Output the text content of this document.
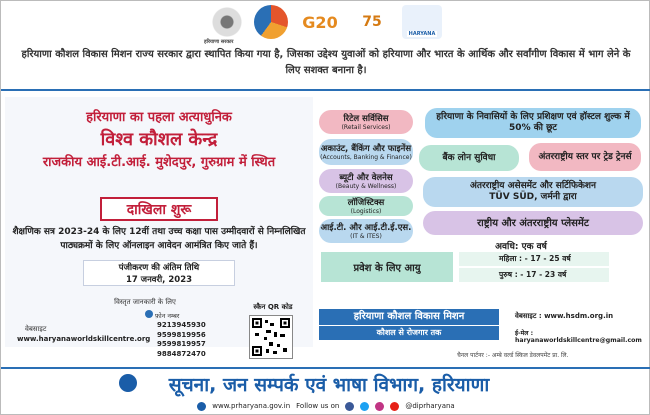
हरियाणा सरकार
G20 75
HARYANA
हरियाणा कौशल विकास मिशन राज्य सरकार द्वारा स्थापित किया गया है, जिसका उद्देश्य युवाओं को हरियाणा और भारत के आर्थिक और सर्वांगीण विकास में भाग लेने के लिए सशक्त बनाना है।
हरियाणा का पहला अत्याधुनिक
विश्व कौशल केन्द्र
राजकीय आई.टी.आई. मुशेदपुर, गुरुग्राम में स्थित
दाखिला शुरू
शैक्षणिक सत्र 2023-24 के लिए 12वीं तथा उच्च कक्षा पास उम्मीदवारों से निम्नलिखित पाठ्यक्रमों के लिए ऑनलाइन आवेदन आमंत्रित किए जाते हैं।
पंजीकरण की अंतिम तिथि
17 जनवरी, 2023
विस्तृत जानकारी के लिए
फ़ोन नम्बर
9213945930
9599819956
9599819957
9884872470
वेबसाइट
www.haryanaworldskillcentre.org
स्कैन QR कोड
रिटेल सर्विसिस
(Retail Services)
अकाउंट, बैंकिंग और फाइनेंस
(Accounts, Banking & Finance)
ब्यूटी और वेलनेस
(Beauty & Wellness)
लॉजिस्टिक्स
(Logistics)
आई.टी. और आई.टी.ई.एस.
(IT & ITES)
हरियाणा के निवासियों के लिए प्रशिक्षण एवं हॉस्टल शुल्क में 50% की छूट
बैंक लोन सुविधा	अंतरराष्ट्रीय स्तर पर ट्रेड ट्रेनर्स
अंतरराष्ट्रीय असेसमेंट और सर्टिफिकेशन
TÜV SÜD, जर्मनी द्वारा
राष्ट्रीय और अंतरराष्ट्रीय प्लेसमेंट
अवधि: एक वर्ष
प्रवेश के लिए आयु
महिला : - 17 - 25 वर्ष
पुरुष : - 17 - 23 वर्ष
हरियाणा कौशल विकास मिशन
कौशल से रोजगार तक
वेबसाइट : www.hsdm.org.in
ई-मेल : haryanaworldskillcentre@gmail.com
चैनल पार्टनर :- अम्बे वर्ल्ड स्किल डेवलपमेंट प्रा. लि.
सूचना, जन सम्पर्क एवं भाषा विभाग, हरियाणा
www.prharyana.gov.in Follow us on	@diprharyana
